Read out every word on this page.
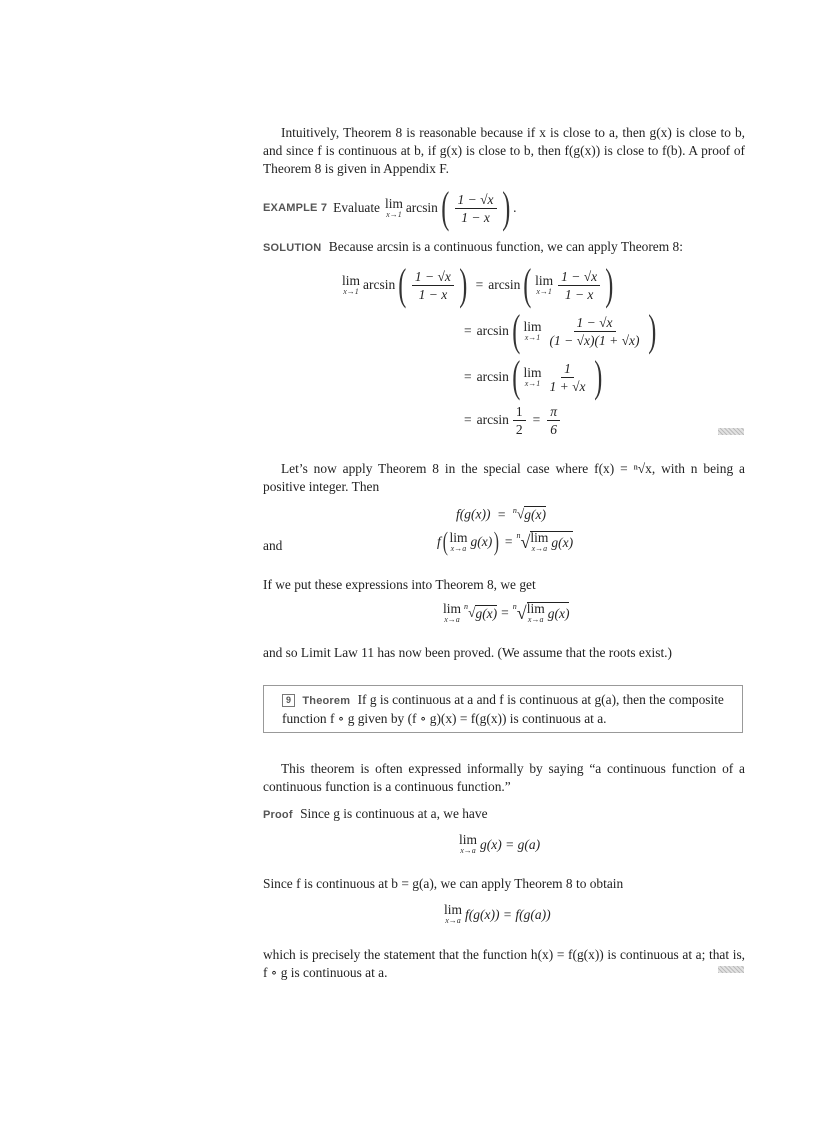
Intuitively, Theorem 8 is reasonable because if x is close to a, then g(x) is close to b, and since f is continuous at b, if g(x) is close to b, then f(g(x)) is close to f(b). A proof of Theorem 8 is given in Appendix F.

EXAMPLE 7 Evaluate lim
x→1 arcsin ( $\frac{1 - √x}{1 - x}$ ) .
SOLUTION Because arcsin is a continuous function, we can apply Theorem 8:
lim
x→1 arcsin ( $\frac{1 - √x}{1 - x}$ ) = arcsin ( lim
$x\to 1 \frac{1 - √x}{1 - x}$ )
= arcsin ( lim
$x\to 1 \frac{1 - √x}{(1 - √x)(1 + √x)}$ )
= arcsin ( lim
$x\to 1 \frac{1}{1 + √x}$ )
= $\arcsin \frac{1}{2} = \frac{\pi}{6}$

Let’s now apply Theorem 8 in the special case where f(x) = ⁿ√x, with n being a positive integer. Then

f(g(x)) = $^n$√g(x)
and	f ( lim
x→a g(x) ) = $^n$ √ lim
x→a g(x)

If we put these expressions into Theorem 8, we get

lim
x→a
$^n$ √ g(x) = $^n$ √ lim
x→a g(x)

and so Limit Law 11 has now been proved. (We assume that the roots exist.)

9 Theorem If g is continuous at a and f is continuous at g(a), then the composite
function f ∘ g given by (f ∘ g)(x) = f(g(x)) is continuous at a.

This theorem is often expressed informally by saying “a continuous function of a continuous function is a continuous function.”

Proof Since g is continuous at a, we have
lim
x→a g(x) = g(a)
Since f is continuous at b = g(a), we can apply Theorem 8 to obtain
lim
x→a f(g(x)) = f(g(a))

which is precisely the statement that the function h(x) = f(g(x)) is continuous at a; that is, f ∘ g is continuous at a.
